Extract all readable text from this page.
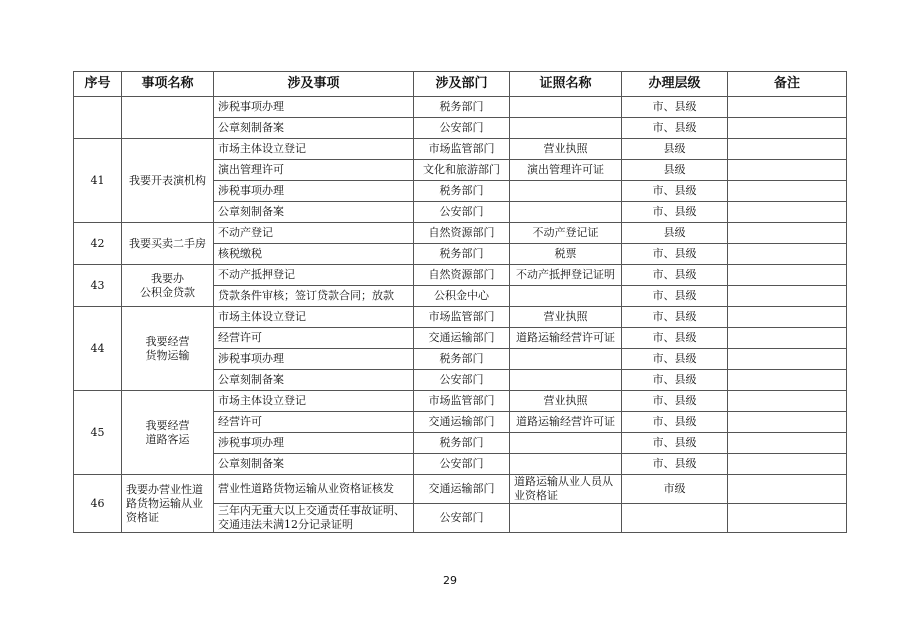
序号	事项名称	涉及事项	涉及部门	证照名称	办理层级	备注
		涉税事项办理	税务部门		市、县级	
		公章刻制备案	公安部门		市、县级	
41	我要开表演机构	市场主体设立登记	市场监管部门	营业执照	县级	
		演出管理许可	文化和旅游部门	演出管理许可证	县级	
		涉税事项办理	税务部门		市、县级	
		公章刻制备案	公安部门		市、县级	
42	我要买卖二手房	不动产登记	自然资源部门	不动产登记证	县级	
		核税缴税	税务部门	税票	市、县级	
43	我要办
公积金贷款	不动产抵押登记	自然资源部门	不动产抵押登记证明	市、县级	
		贷款条件审核；签订贷款合同；放款	公积金中心		市、县级	
44	我要经营
货物运输	市场主体设立登记	市场监管部门	营业执照	市、县级	
		经营许可	交通运输部门	道路运输经营许可证	市、县级	
		涉税事项办理	税务部门		市、县级	
		公章刻制备案	公安部门		市、县级	
45	我要经营
道路客运	市场主体设立登记	市场监管部门	营业执照	市、县级	
		经营许可	交通运输部门	道路运输经营许可证	市、县级	
		涉税事项办理	税务部门		市、县级	
		公章刻制备案	公安部门		市、县级	
46	我要办营业性道路货物运输从业资格证	营业性道路货物运输从业资格证核发	交通运输部门	道路运输从业人员从业资格证	市级	
		三年内无重大以上交通责任事故证明、交通违法未满12分记录证明	公安部门			
29
